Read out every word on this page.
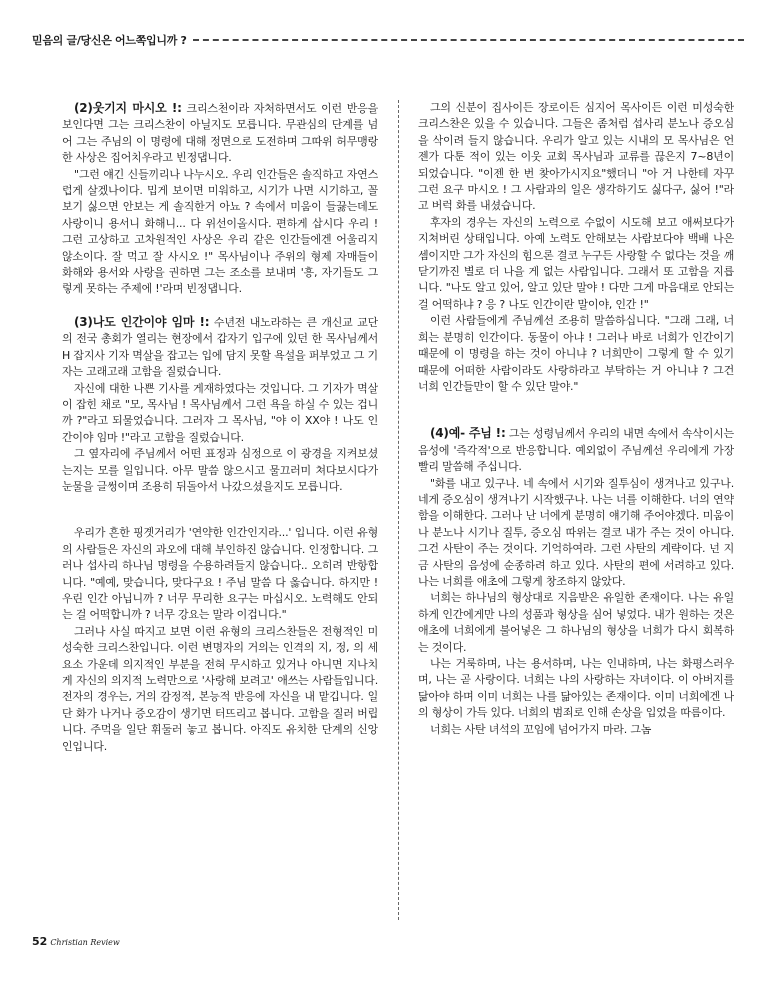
믿음의 글/당신은 어느쪽입니까 ?

(2)웃기지 마시오 !: 크리스천이라 자처하면서도 이런 반응을 보인다면 그는 크리스찬이 아닐지도 모릅니다. 무관심의 단계를 넘어 그는 주님의 이 명령에 대해 정면으로 도전하며 그따위 허무맹랑한 사상은 집어치우라고 빈정댑니다.

"그런 얘긴 신들끼리나 나누시오. 우리 인간들은 솔직하고 자연스럽게 살겠나이다. 밉게 보이면 미워하고, 시기가 나면 시기하고, 꼴보기 싫으면 안보는 게 솔직한거 아뇨 ? 속에서 미움이 들끓는데도 사랑이니 용서니 화해니... 다 위선이올시다. 편하게 삽시다 우리 ! 그런 고상하고 고차원적인 사상은 우리 같은 인간들에겐 어울리지 않소이다. 잘 먹고 잘 사시오 !" 목사님이나 주위의 형제 자매들이 화해와 용서와 사랑을 권하면 그는 조소를 보내며 '흥, 자기들도 그렇게 못하는 주제에 !'라며 빈정댑니다.

(3)나도 인간이야 임마 !: 수년전 내노라하는 큰 개신교 교단의 전국 총회가 열리는 현장에서 갑자기 입구에 있던 한 목사님께서 H 잡지사 기자 멱살을 잡고는 입에 담지 못할 욕설을 퍼부었고 그 기자는 고래고래 고함을 질렀습니다.

자신에 대한 나쁜 기사를 게재하였다는 것입니다. 그 기자가 멱살이 잡힌 채로 "모, 목사님 ! 목사님께서 그런 욕을 하실 수 있는 겁니까 ?"라고 되물었습니다. 그러자 그 목사님, "야 이 XX야 ! 나도 인간이야 임마 !"라고 고함을 질렀습니다.

그 옆자리에 주님께서 어떤 표정과 심정으로 이 광경을 지켜보셨는지는 모를 일입니다. 아무 말씀 않으시고 물끄러미 쳐다보시다가 눈물을 글썽이며 조용히 뒤돌아서 나갔으셨을지도 모릅니다.

우리가 흔한 핑곗거리가 '연약한 인간인지라...' 입니다. 이런 유형의 사람들은 자신의 과오에 대해 부인하진 않습니다. 인정합니다. 그러나 섭사리 하나님 명령을 수용하려들지 않습니다.. 오히려 반항합니다. "예예, 맞습니다, 맞다구요 ! 주님 말씀 다 옳습니다. 하지만 ! 우린 인간 아닙니까 ? 너무 무리한 요구는 마십시오. 노력해도 안되는 걸 어떡합니까 ? 너무 강요는 말라 이겁니다."

그러나 사실 따지고 보면 이런 유형의 크리스찬들은 전형적인 미성숙한 크리스찬입니다. 이런 변명자의 거의는 인격의 지, 정, 의 세 요소 가운데 의지적인 부분을 전혀 무시하고 있거나 아니면 지나치게 자신의 의지적 노력만으로 '사랑해 보려고' 애쓰는 사람들입니다. 전자의 경우는, 거의 감정적, 본능적 반응에 자신을 내 맡깁니다. 일단 화가 나거나 증오감이 생기면 터뜨리고 봅니다. 고함을 질러 버립니다. 주먹을 일단 휘둘러 놓고 봅니다. 아직도 유치한 단계의 신앙인입니다.

그의 신분이 집사이든 장로이든 심지어 목사이든 이런 미성숙한 크리스찬은 있을 수 있습니다. 그들은 좀처럼 섭사리 분노나 증오심을 삭이려 들지 않습니다. 우리가 알고 있는 시내의 모 목사님은 언젠가 다툰 적이 있는 이웃 교회 목사님과 교류를 끊은지 7~8년이 되었습니다. "이젠 한 번 찾아가시지요"했더니 "아 거 나한테 자꾸 그런 요구 마시오 ! 그 사람과의 일은 생각하기도 싫다구, 싫어 !"라고 버럭 화를 내셨습니다.

후자의 경우는 자신의 노력으로 수없이 시도해 보고 애써보다가 지쳐버린 상태입니다. 아예 노력도 안해보는 사람보다야 백배 나은 셈이지만 그가 자신의 힘으론 결코 누구든 사랑할 수 없다는 것을 깨닫기까진 별로 더 나을 게 없는 사람입니다. 그래서 또 고함을 지릅니다. "나도 알고 있어, 알고 있단 말야 ! 다만 그게 마음대로 안되는 걸 어떡하냐 ? 응 ? 나도 인간이란 말이야, 인간 !"

이런 사람들에게 주님께선 조용히 말씀하십니다. "그래 그래, 너희는 분명히 인간이다. 동물이 아냐 ! 그러나 바로 너희가 인간이기 때문에 이 명령을 하는 것이 아니냐 ? 너희만이 그렇게 할 수 있기 때문에 어떠한 사람이라도 사랑하라고 부탁하는 거 아니냐 ? 그건 너희 인간들만이 할 수 있단 말야."

(4)예- 주님 !: 그는 성령님께서 우리의 내면 속에서 속삭이시는 음성에 '즉각적'으로 반응합니다. 예외없이 주님께선 우리에게 가장 빨리 말씀해 주십니다.

"화를 내고 있구나. 네 속에서 시기와 질투심이 생겨나고 있구나. 네게 증오심이 생겨나기 시작했구나. 나는 너를 이해한다. 너의 연약함을 이해한다. 그러나 난 너에게 분명히 얘기해 주어야겠다. 미움이나 분노나 시기나 질투, 증오심 따위는 결코 내가 주는 것이 아니다. 그건 사탄이 주는 것이다. 기억하여라. 그런 사탄의 계략이다. 넌 지금 사탄의 음성에 순종하려 하고 있다. 사탄의 편에 서려하고 있다. 나는 너희를 애초에 그렇게 창조하지 않았다.

너희는 하나님의 형상대로 지음받은 유일한 존재이다. 나는 유일하게 인간에게만 나의 성품과 형상을 심어 넣었다. 내가 원하는 것은 애초에 너희에게 불어넣은 그 하나님의 형상을 너희가 다시 회복하는 것이다.

나는 거룩하며, 나는 용서하며, 나는 인내하며, 나는 화평스러우며, 나는 곧 사랑이다. 너희는 나의 사랑하는 자녀이다. 이 아버지를 닮아야 하며 이미 너희는 나를 닮아있는 존재이다. 이미 너희에겐 나의 형상이 가득 있다. 너희의 범죄로 인해 손상을 입었을 따름이다.

너희는 사탄 녀석의 꼬임에 넘어가지 마라. 그놈

52 Christian Review
